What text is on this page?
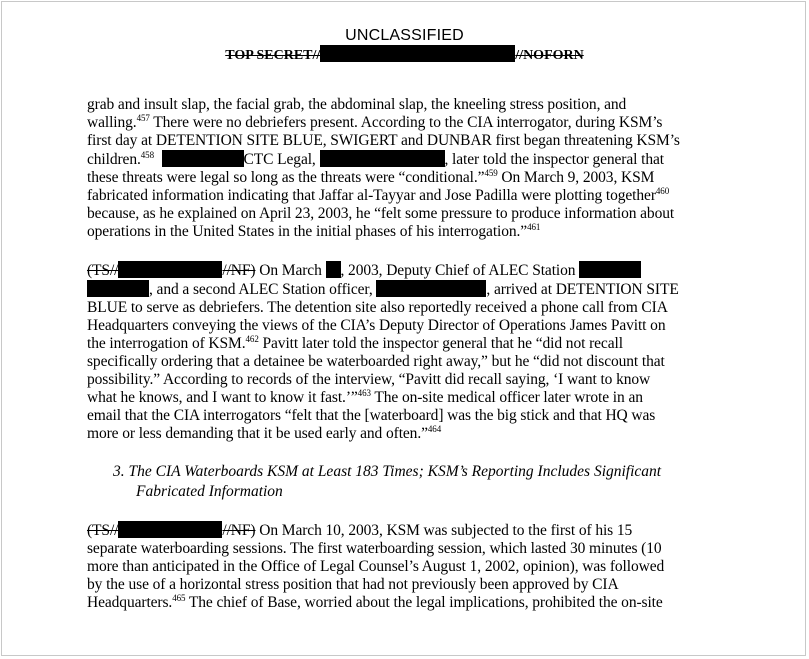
UNCLASSIFIED
TOP SECRET//	//NOFORN
grab and insult slap, the facial grab, the abdominal slap, the kneeling stress position, and
walling.$^{457}$ There were no debriefers present. According to the CIA interrogator, during KSM’s
first day at DETENTION SITE BLUE, SWIGERT and DUNBAR first began threatening KSM’s
children.$^{458}$	CTC Legal,	, later told the inspector general that
these threats were legal so long as the threats were “conditional.”$^{459}$ On March 9, 2003, KSM
fabricated information indicating that Jaffar al-Tayyar and Jose Padilla were plotting together$^{460}$
because, as he explained on April 23, 2003, he “felt some pressure to produce information about
operations in the United States in the initial phases of his interrogation.”$^{461}$
(TS//	//NF) On March , 2003, Deputy Chief of ALEC Station
, and a second ALEC Station officer,	, arrived at DETENTION SITE
BLUE to serve as debriefers. The detention site also reportedly received a phone call from CIA
Headquarters conveying the views of the CIA’s Deputy Director of Operations James Pavitt on
the interrogation of KSM.$^{462}$ Pavitt later told the inspector general that he “did not recall
specifically ordering that a detainee be waterboarded right away,” but he “did not discount that
possibility.” According to records of the interview, “Pavitt did recall saying, ‘I want to know
what he knows, and I want to know it fast.’”$^{463}$ The on-site medical officer later wrote in an
email that the CIA interrogators “felt that the [waterboard] was the big stick and that HQ was
more or less demanding that it be used early and often.”$^{464}$
3. The CIA Waterboards KSM at Least 183 Times; KSM’s Reporting Includes Significant
Fabricated Information
(TS//	//NF) On March 10, 2003, KSM was subjected to the first of his 15
separate waterboarding sessions. The first waterboarding session, which lasted 30 minutes (10
more than anticipated in the Office of Legal Counsel’s August 1, 2002, opinion), was followed
by the use of a horizontal stress position that had not previously been approved by CIA
Headquarters.$^{465}$ The chief of Base, worried about the legal implications, prohibited the on-site
